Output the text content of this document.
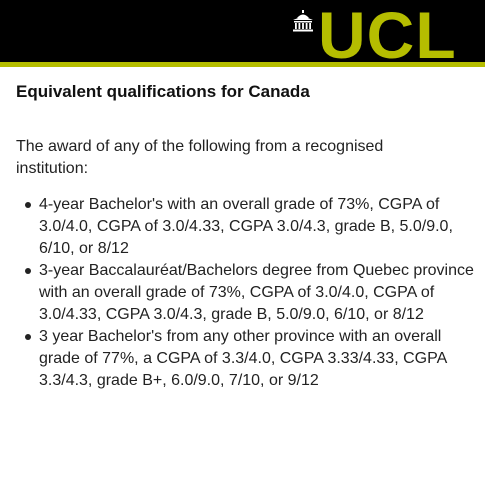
UCL
Equivalent qualifications for Canada

The award of any of the following from a recognised institution:

4-year Bachelor's with an overall grade of 73%, CGPA of 3.0/4.0, CGPA of 3.0/4.33, CGPA 3.0/4.3, grade B, 5.0/9.0, 6/10, or 8/12
3-year Baccalauréat/Bachelors degree from Quebec province with an overall grade of 73%, CGPA of 3.0/4.0, CGPA of 3.0/4.33, CGPA 3.0/4.3, grade B, 5.0/9.0, 6/10, or 8/12
3 year Bachelor's from any other province with an overall grade of 77%, a CGPA of 3.3/4.0, CGPA 3.33/4.33, CGPA 3.3/4.3, grade B+, 6.0/9.0, 7/10, or 9/12
